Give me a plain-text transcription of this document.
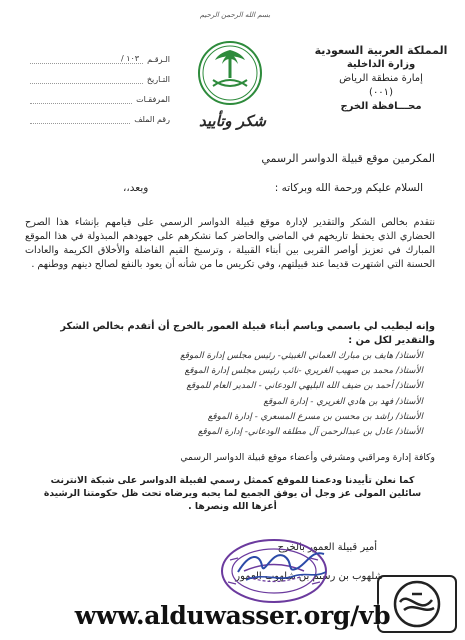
بسم الله الرحمن الرحيم
المملكة العربية السعودية
وزارة الداخلية
إمارة منطقة الرياض
(٠٠١)
محـــافظة الخرج
الـرقـم
١٠٣ /
التـاريخ
المرفقـات
رقم الملف	شكر وتأييد
المكرمين موقع قبيلة الدواسر الرسمي
السلام عليكم ورحمة الله وبركاته :
وبعد،،
نتقدم بخالص الشكر والتقدير لإدارة موقع قبيلة الدواسر الرسمي على قيامهم بإنشاء هذا الصرح الحضاري الذي يحفظ تاريخهم في الماضي والحاضر كما نشكرهم على جهودهم المبذولة في هذا الموقع المبارك في تعزيز أواصر القربى بين أبناء القبيلة ، وترسيخ القيم الفاضلة والأخلاق الكريمة والعادات الحسنة التي اشتهرت قديما عند قبيلتهم، وفي تكريس ما من شأنه أن يعود بالنفع لصالح دينهم ووطنهم .
وإنه ليطيب لي باسمي وباسم أبناء قبيلة العمور بالخرج أن أتقدم بخالص الشكر والتقدير لكل من :
الأستاذ/ هايف بن مبارك العماني الغبيثي- رئيس مجلس إدارة الموقع
الأستاذ/ محمد بن صهيب الغريري -نائب رئيس مجلس إدارة الموقع
الأستاذ/ أحمد بن ضيف الله البليهي الودعاني - المدير العام للموقع
الأستاذ/ فهد بن هادي الغريري - إدارة الموقع
الأستاذ/ راشد بن محسن بن مسرع المسعري - إدارة الموقع
الأستاذ/ عادل بن عبدالرحمن آل مطلقه الودعاني- إدارة الموقع
وكافة إدارة ومراقبي ومشرفي وأعضاء موقع قبيلة الدواسر الرسمي
كما نعلن تأييدنا ودعمنا للموقع كممثل رسمي لقبيلة الدواسر على شبكة الانترنت سائلين المولى عز وجل أن يوفق الجميع لما يحبه ويرضاه تحت ظل حكومتنا الرشيدة أعزها الله ونصرها .
أمير قبيلة العمور بالخرج
شلهوب بن رستم بن شلهوب العمور
www.alduwasser.org/vb
